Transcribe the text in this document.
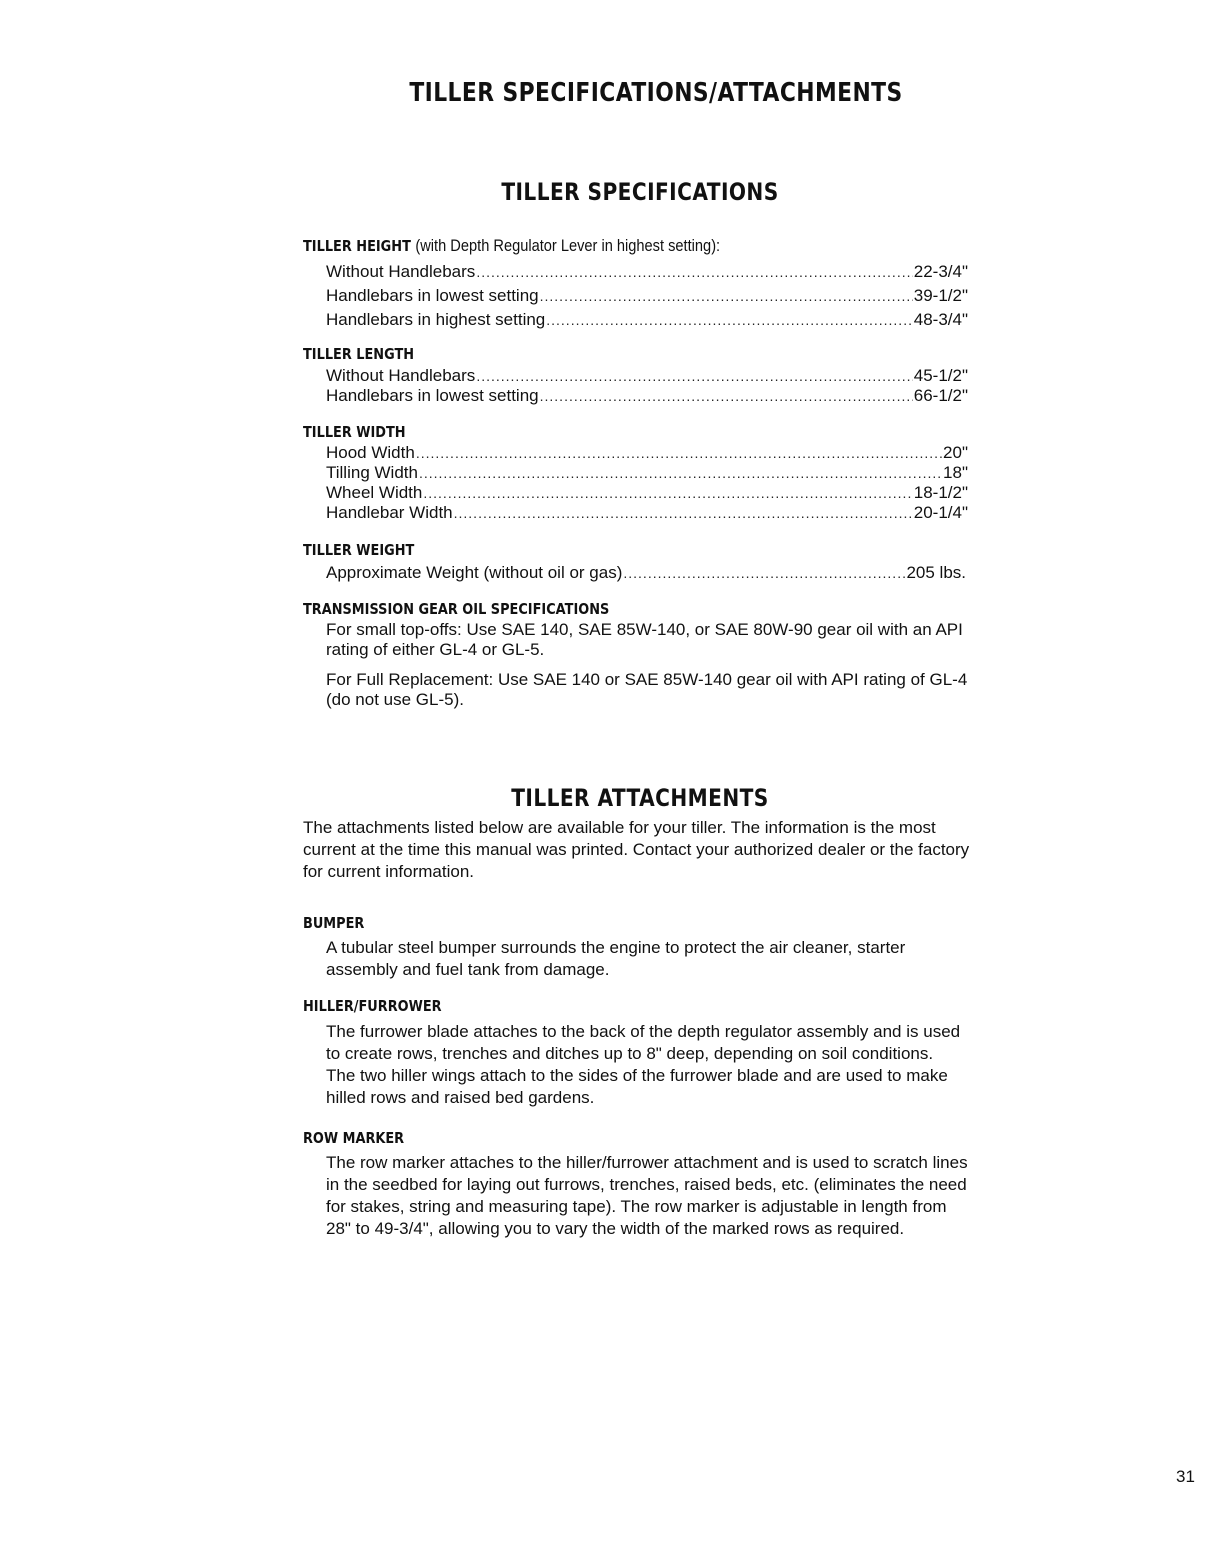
TILLER SPECIFICATIONS/ATTACHMENTS
TILLER SPECIFICATIONS
TILLER HEIGHT (with Depth Regulator Lever in highest setting):
Without Handlebars .....	22-3/4"
Handlebars in lowest setting .....	39-1/2"
Handlebars in highest setting .....	48-3/4"
TILLER LENGTH
Without Handlebars .....	45-1/2"
Handlebars in lowest setting .....	66-1/2"
TILLER WIDTH
Hood Width .....	20"
Tilling Width .....	18"
Wheel Width .....	18-1/2"
Handlebar Width .....	20-1/4"
TILLER WEIGHT
Approximate Weight (without oil or gas) .....	205 lbs.
TRANSMISSION GEAR OIL SPECIFICATIONS

For small top-offs: Use SAE 140, SAE 85W-140, or SAE 80W-90 gear oil with an API rating of either GL-4 or GL-5.

For Full Replacement: Use SAE 140 or SAE 85W-140 gear oil with API rating of GL-4 (do not use GL-5).

TILLER ATTACHMENTS

The attachments listed below are available for your tiller. The information is the most current at the time this manual was printed. Contact your authorized dealer or the factory for current information.

BUMPER

A tubular steel bumper surrounds the engine to protect the air cleaner, starter assembly and fuel tank from damage.

HILLER/FURROWER

The furrower blade attaches to the back of the depth regulator assembly and is used to create rows, trenches and ditches up to 8" deep, depending on soil conditions. The two hiller wings attach to the sides of the furrower blade and are used to make hilled rows and raised bed gardens.

ROW MARKER

The row marker attaches to the hiller/furrower attachment and is used to scratch lines in the seedbed for laying out furrows, trenches, raised beds, etc. (eliminates the need for stakes, string and measuring tape). The row marker is adjustable in length from 28" to 49-3/4", allowing you to vary the width of the marked rows as required.

31
